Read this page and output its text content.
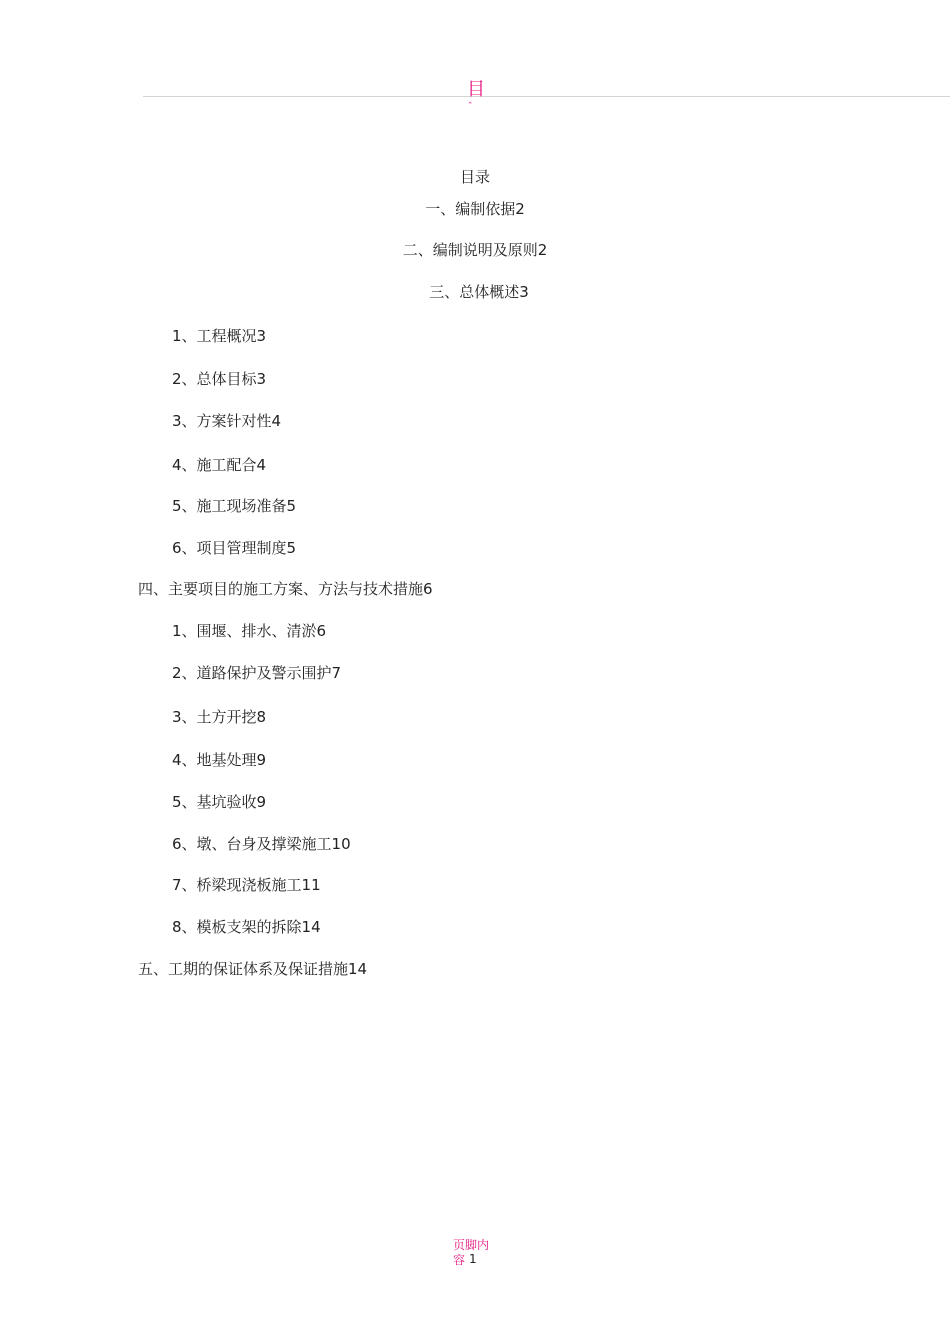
目
ˆ
目录
一、编制依据2
二、编制说明及原则2
三、总体概述3
1、工程概况3
2、总体目标3
3、方案针对性4
4、施工配合4
5、施工现场准备5
6、项目管理制度5
四、主要项目的施工方案、方法与技术措施6
1、围堰、排水、清淤6
2、道路保护及警示围护7
3、土方开挖8
4、地基处理9
5、基坑验收9
6、墩、台身及撑梁施工10
7、桥梁现浇板施工11
8、模板支架的拆除14
五、工期的保证体系及保证措施14
页脚内容 1
